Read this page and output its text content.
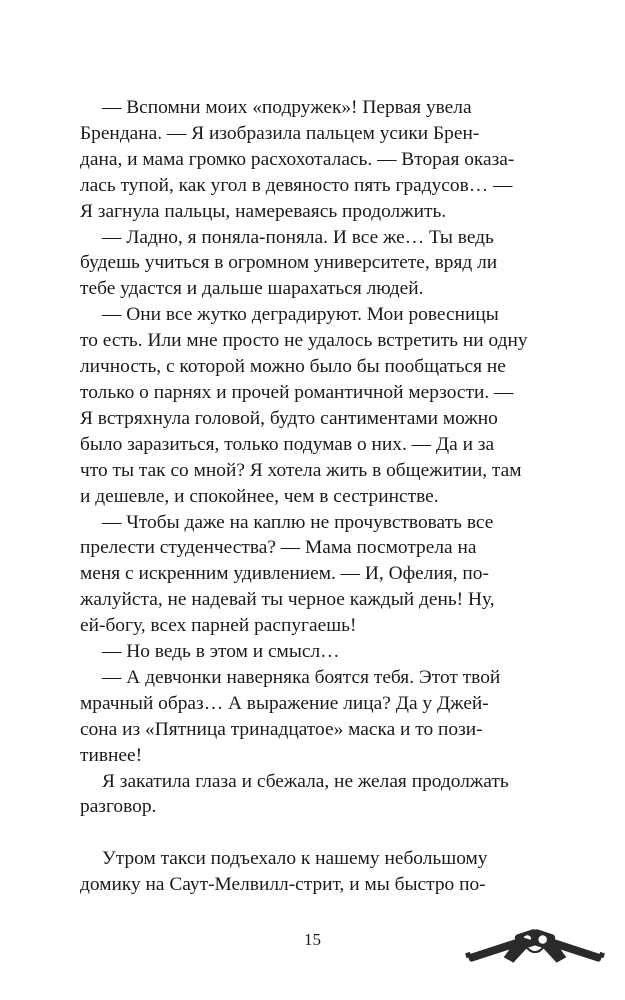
— Вспомни моих «подружек»! Первая увела
Брендана. — Я изобразила пальцем усики Брен-
дана, и мама громко расхохоталась. — Вторая оказа-
лась тупой, как угол в девяносто пять градусов… —
Я загнула пальцы, намереваясь продолжить.

— Ладно, я поняла-поняла. И все же… Ты ведь
будешь учиться в огромном университете, вряд ли
тебе удастся и дальше шарахаться людей.

— Они все жутко деградируют. Мои ровесницы
то есть. Или мне просто не удалось встретить ни одну
личность, с которой можно было бы пообщаться не
только о парнях и прочей романтичной мерзости. —
Я встряхнула головой, будто сантиментами можно
было заразиться, только подумав о них. — Да и за
что ты так со мной? Я хотела жить в общежитии, там
и дешевле, и спокойнее, чем в сестринстве.

— Чтобы даже на каплю не прочувствовать все
прелести студенчества? — Мама посмотрела на
меня с искренним удивлением. — И, Офелия, по-
жалуйста, не надевай ты черное каждый день! Ну,
ей-богу, всех парней распугаешь!

— Но ведь в этом и смысл…

— А девчонки наверняка боятся тебя. Этот твой
мрачный образ… А выражение лица? Да у Джей-
сона из «Пятница тринадцатое» маска и то пози-
тивнее!

Я закатила глаза и сбежала, не желая продолжать
разговор.

Утром такси подъехало к нашему небольшому
домику на Саут-Мелвилл-стрит, и мы быстро по-

15
